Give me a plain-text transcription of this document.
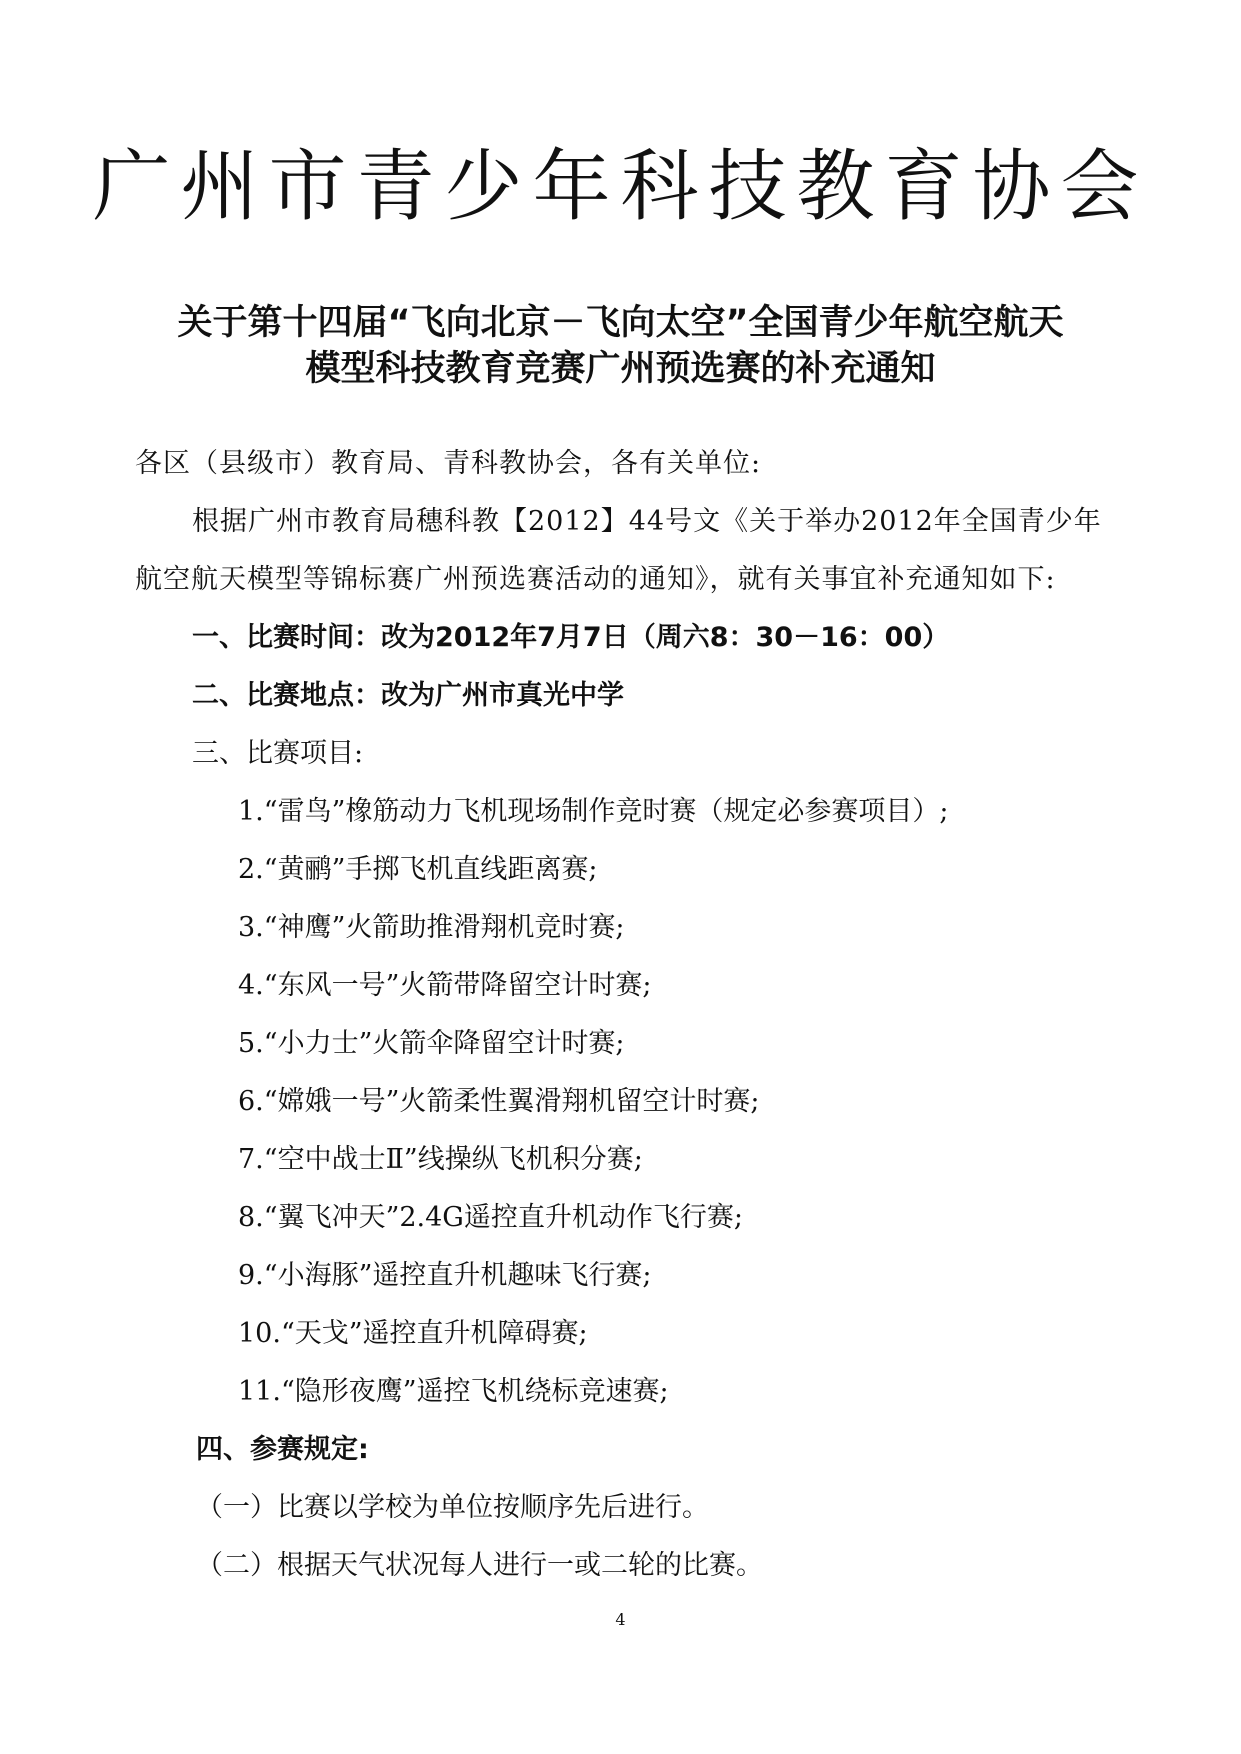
广州市青少年科技教育协会
关于第十四届“飞向北京－飞向太空”全国青少年航空航天
模型科技教育竞赛广州预选赛的补充通知
各区（县级市）教育局、青科教协会，各有关单位:
根据广州市教育局穗科教【2012】44号文《关于举办2012年全国青少年
航空航天模型等锦标赛广州预选赛活动的通知》，就有关事宜补充通知如下:
一、比赛时间：改为2012年7月7日（周六8：30－16：00）
二、比赛地点：改为广州市真光中学
三、比赛项目:
1.“雷鸟”橡筋动力飞机现场制作竞时赛（规定必参赛项目）;
2.“黄鹂”手掷飞机直线距离赛;
3.“神鹰”火箭助推滑翔机竞时赛;
4.“东风一号”火箭带降留空计时赛;
5.“小力士”火箭伞降留空计时赛;
6.“嫦娥一号”火箭柔性翼滑翔机留空计时赛;
7.“空中战士Ⅱ”线操纵飞机积分赛;
8.“翼飞冲天”2.4G遥控直升机动作飞行赛;
9.“小海豚”遥控直升机趣味飞行赛;
10.“天戈”遥控直升机障碍赛;
11.“隐形夜鹰”遥控飞机绕标竞速赛;
四、参赛规定:
（一）比赛以学校为单位按顺序先后进行。
（二）根据天气状况每人进行一或二轮的比赛。
4
